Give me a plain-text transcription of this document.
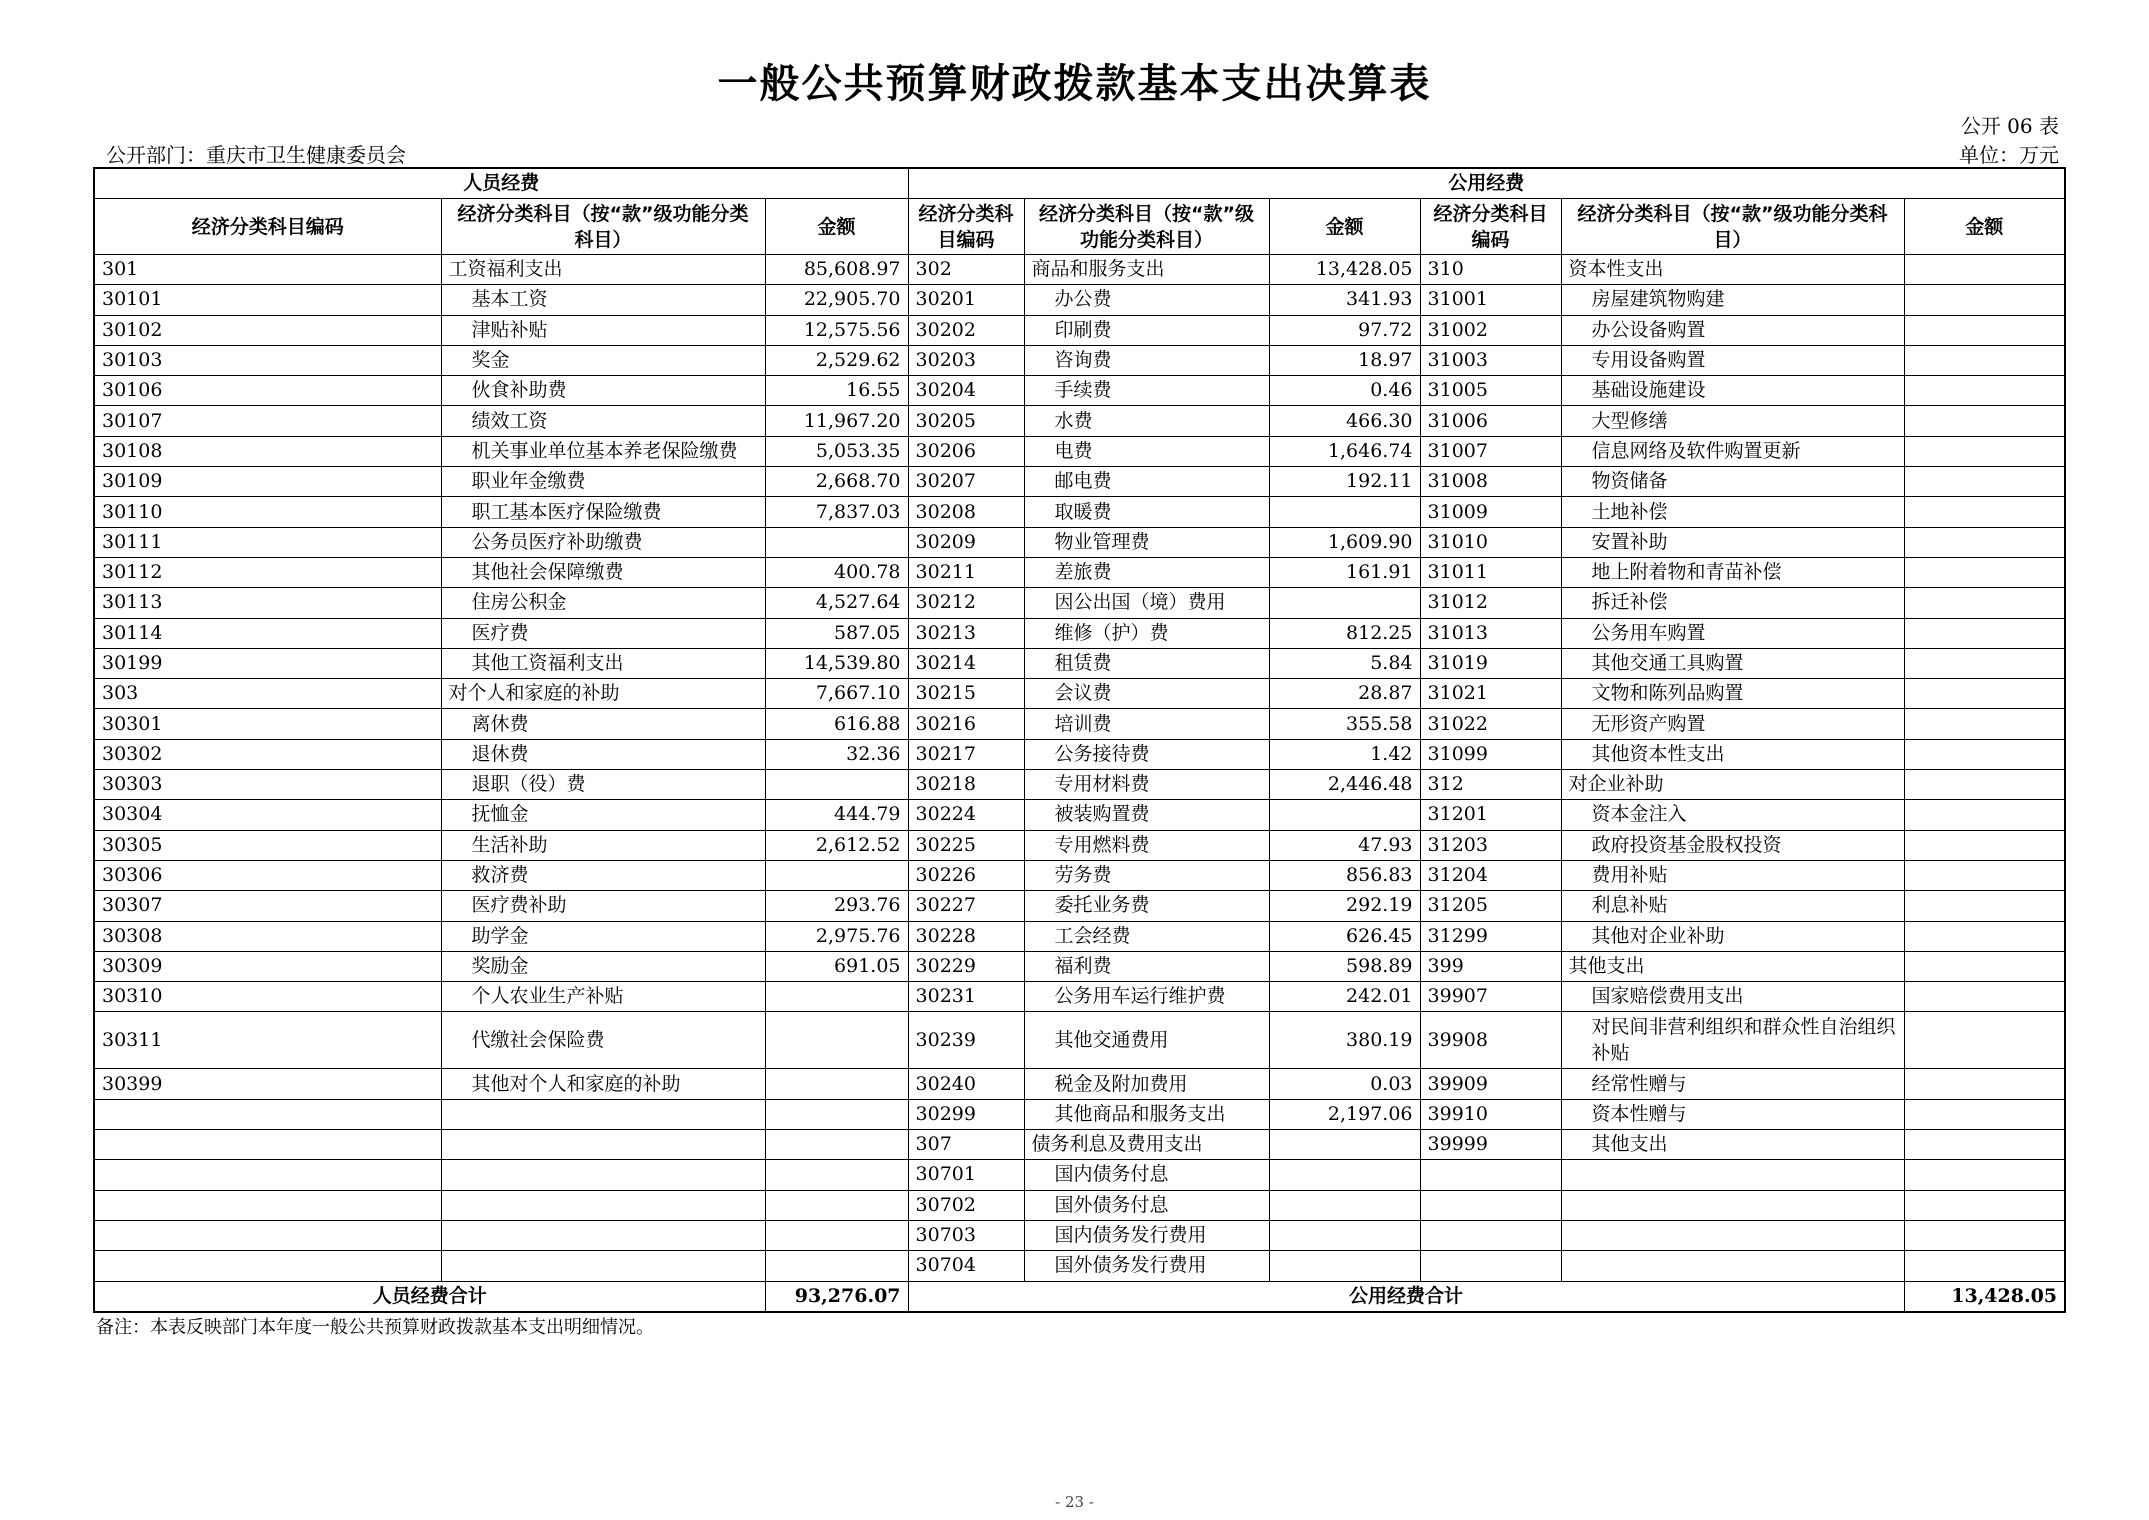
一般公共预算财政拨款基本支出决算表
公开 06 表
公开部门：重庆市卫生健康委员会	单位：万元
人员经费			公用经费					
经济分类科目编码	经济分类科目（按“款”级功能分类科目）	金额	经济分类科目编码	经济分类科目（按“款”级功能分类科目）	金额	经济分类科目编码	经济分类科目（按“款”级功能分类科目）	金额
301	工资福利支出	85,608.97	302	商品和服务支出	13,428.05	310	资本性支出	
30101	基本工资	22,905.70	30201	办公费	341.93	31001	房屋建筑物购建	
30102	津贴补贴	12,575.56	30202	印刷费	97.72	31002	办公设备购置	
30103	奖金	2,529.62	30203	咨询费	18.97	31003	专用设备购置	
30106	伙食补助费	16.55	30204	手续费	0.46	31005	基础设施建设	
30107	绩效工资	11,967.20	30205	水费	466.30	31006	大型修缮	
30108	机关事业单位基本养老保险缴费	5,053.35	30206	电费	1,646.74	31007	信息网络及软件购置更新	
30109	职业年金缴费	2,668.70	30207	邮电费	192.11	31008	物资储备	
30110	职工基本医疗保险缴费	7,837.03	30208	取暖费		31009	土地补偿	
30111	公务员医疗补助缴费		30209	物业管理费	1,609.90	31010	安置补助	
30112	其他社会保障缴费	400.78	30211	差旅费	161.91	31011	地上附着物和青苗补偿	
30113	住房公积金	4,527.64	30212	因公出国（境）费用		31012	拆迁补偿	
30114	医疗费	587.05	30213	维修（护）费	812.25	31013	公务用车购置	
30199	其他工资福利支出	14,539.80	30214	租赁费	5.84	31019	其他交通工具购置	
303	对个人和家庭的补助	7,667.10	30215	会议费	28.87	31021	文物和陈列品购置	
30301	离休费	616.88	30216	培训费	355.58	31022	无形资产购置	
30302	退休费	32.36	30217	公务接待费	1.42	31099	其他资本性支出	
30303	退职（役）费		30218	专用材料费	2,446.48	312	对企业补助	
30304	抚恤金	444.79	30224	被装购置费		31201	资本金注入	
30305	生活补助	2,612.52	30225	专用燃料费	47.93	31203	政府投资基金股权投资	
30306	救济费		30226	劳务费	856.83	31204	费用补贴	
30307	医疗费补助	293.76	30227	委托业务费	292.19	31205	利息补贴	
30308	助学金	2,975.76	30228	工会经费	626.45	31299	其他对企业补助	
30309	奖励金	691.05	30229	福利费	598.89	399	其他支出	
30310	个人农业生产补贴		30231	公务用车运行维护费	242.01	39907	国家赔偿费用支出	
30311	代缴社会保险费		30239	其他交通费用	380.19	39908	对民间非营利组织和群众性自治组织补贴	
30399	其他对个人和家庭的补助		30240	税金及附加费用	0.03	39909	经常性赠与	
			30299	其他商品和服务支出	2,197.06	39910	资本性赠与	
			307	债务利息及费用支出		39999	其他支出	
			30701	国内债务付息				
			30702	国外债务付息				
			30703	国内债务发行费用				
			30704	国外债务发行费用				
人员经费合计		93,276.07	公用经费合计					13,428.05
备注：本表反映部门本年度一般公共预算财政拨款基本支出明细情况。
- 23 -
